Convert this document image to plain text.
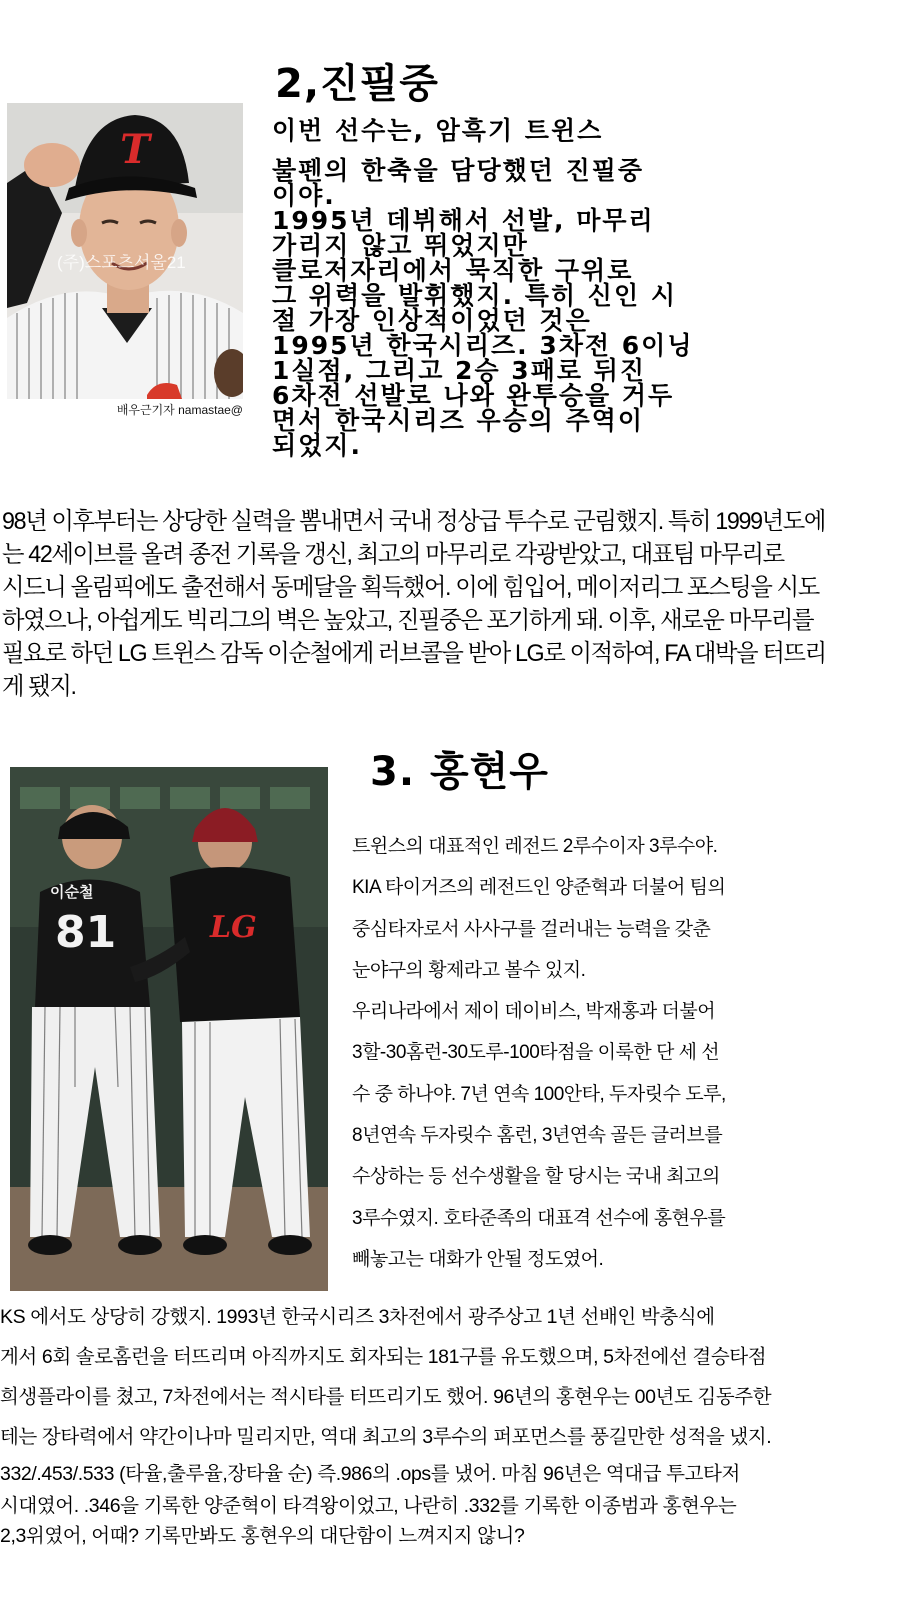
2,진필중
T
(주)스포츠서울21
배우근기자 namastae@
이번 선수는, 암흑기 트윈스
불펜의 한축을 담당했던 진필중
이야.
1995년 데뷔해서 선발, 마무리
가리지 않고 뛰었지만
클로저자리에서 묵직한 구위로
그 위력을 발휘했지. 특히 신인 시
절 가장 인상적이었던 것은
1995년 한국시리즈. 3차전 6이닝
1실점, 그리고 2승 3패로 뒤진
6차전 선발로 나와 완투승을 거두
면서 한국시리즈 우승의 주역이
되었지.
98년 이후부터는 상당한 실력을 뽐내면서 국내 정상급 투수로 군림했지. 특히 1999년도에
는 42세이브를 올려 종전 기록을 갱신, 최고의 마무리로 각광받았고, 대표팀 마무리로
시드니 올림픽에도 출전해서 동메달을 획득했어. 이에 힘입어, 메이저리그 포스팅을 시도
하였으나, 아쉽게도 빅리그의 벽은 높았고, 진필중은 포기하게 돼. 이후, 새로운 마무리를
필요로 하던 LG 트윈스 감독 이순철에게 러브콜을 받아 LG로 이적하여, FA 대박을 터뜨리
게 됐지.
3. 홍현우
81
이순철
LG
트윈스의 대표적인 레전드 2루수이자 3루수야.
KIA 타이거즈의 레전드인 양준혁과 더불어 팀의
중심타자로서 사사구를 걸러내는 능력을 갖춘
눈야구의 황제라고 볼수 있지.
우리나라에서 제이 데이비스, 박재홍과 더불어
3할-30홈런-30도루-100타점을 이룩한 단 세 선
수 중 하나야. 7년 연속 100안타, 두자릿수 도루,
8년연속 두자릿수 홈런, 3년연속 골든 글러브를
수상하는 등 선수생활을 할 당시는 국내 최고의
3루수였지. 호타준족의 대표격 선수에 홍현우를
빼놓고는 대화가 안될 정도였어.
KS 에서도 상당히 강했지. 1993년 한국시리즈 3차전에서 광주상고 1년 선배인 박충식에
게서 6회 솔로홈런을 터뜨리며 아직까지도 회자되는 181구를 유도했으며, 5차전에선 결승타점
희생플라이를 쳤고, 7차전에서는 적시타를 터뜨리기도 했어. 96년의 홍현우는 00년도 김동주한
테는 장타력에서 약간이나마 밀리지만, 역대 최고의 3루수의 퍼포먼스를 풍길만한 성적을 냈지.
332/.453/.533 (타율,출루율,장타율 순) 즉.986의 .ops를 냈어. 마침 96년은 역대급 투고타저
시대였어. .346을 기록한 양준혁이 타격왕이었고, 나란히 .332를 기록한 이종범과 홍현우는
2,3위였어, 어때? 기록만봐도 홍현우의 대단함이 느껴지지 않니?
